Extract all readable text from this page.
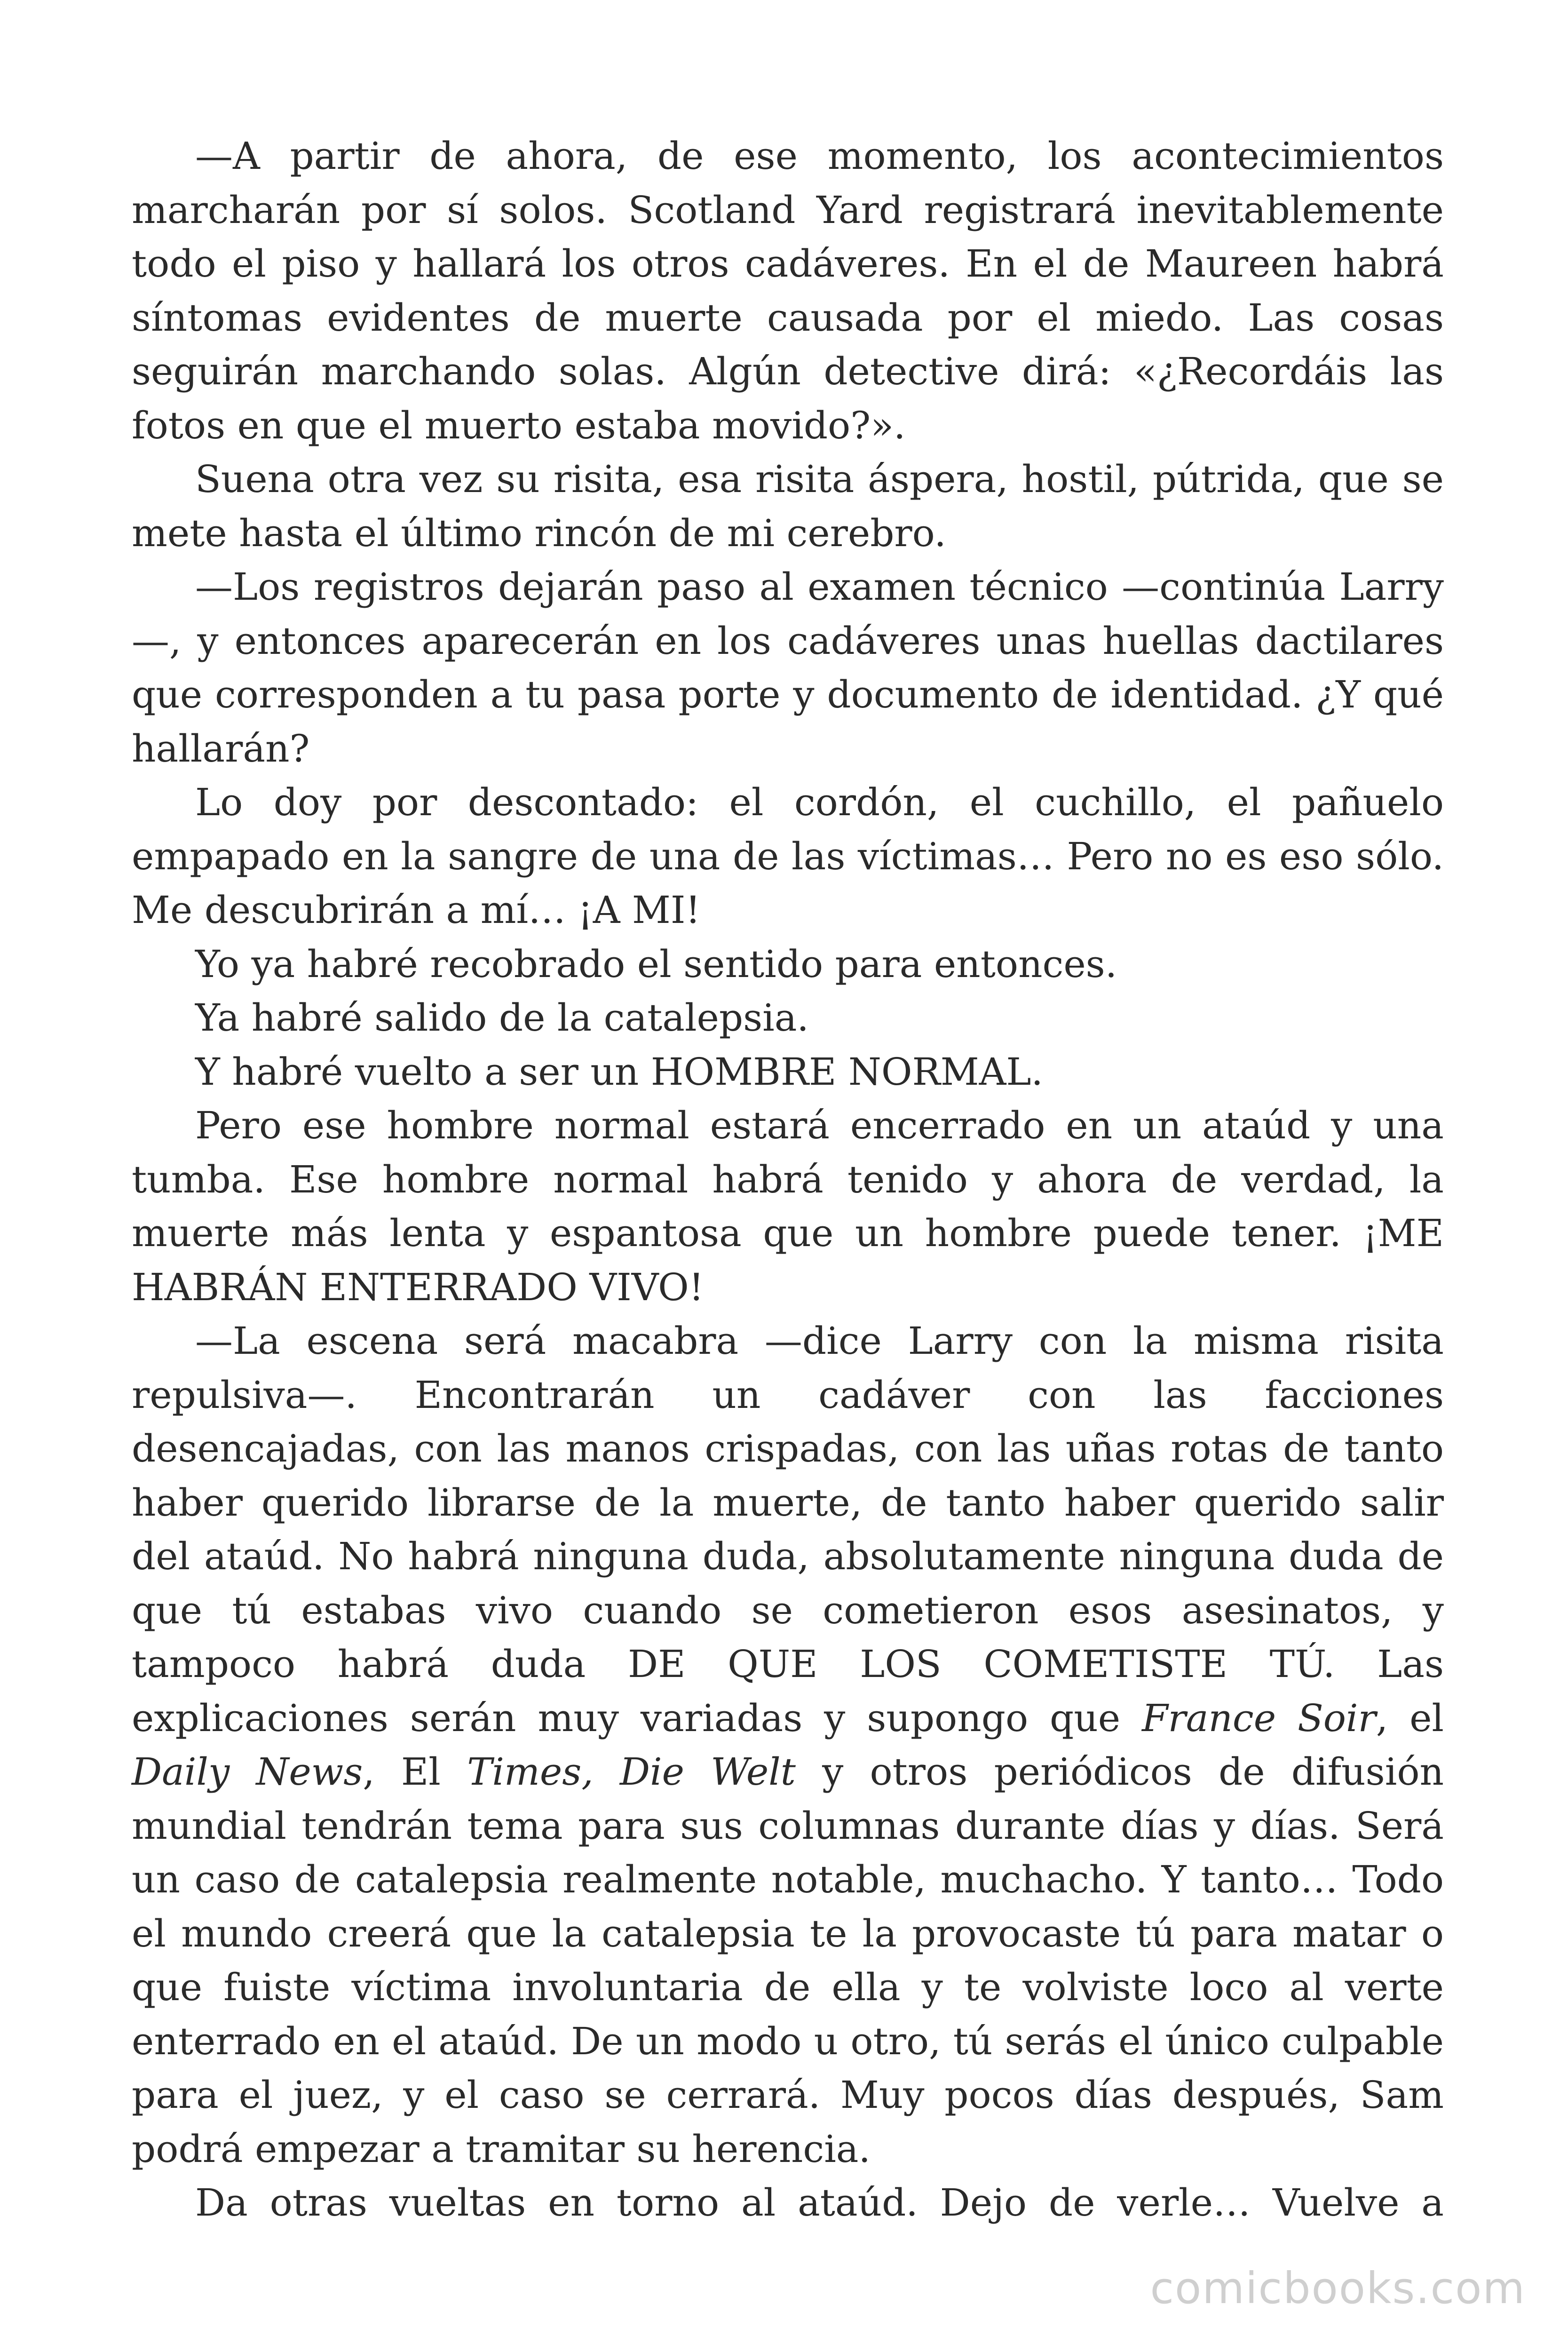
—A partir de ahora, de ese momento, los acontecimientos marcharán por sí solos. Scotland Yard registrará inevitablemente todo el piso y hallará los otros cadáveres. En el de Maureen habrá síntomas evidentes de muerte causada por el miedo. Las cosas seguirán marchando solas. Algún detective dirá: «¿Recordáis las fotos en que el muerto estaba movido?».

Suena otra vez su risita, esa risita áspera, hostil, pútrida, que se mete hasta el último rincón de mi cerebro.

—Los registros dejarán paso al examen técnico —continúa Larry —, y entonces aparecerán en los cadáveres unas huellas dactilares que corresponden a tu pasa porte y documento de identidad. ¿Y qué hallarán?

Lo doy por descontado: el cordón, el cuchillo, el pañuelo empapado en la sangre de una de las víctimas… Pero no es eso sólo. Me descubrirán a mí… ¡A MI!

Yo ya habré recobrado el sentido para entonces.

Ya habré salido de la catalepsia.

Y habré vuelto a ser un HOMBRE NORMAL.

Pero ese hombre normal estará encerrado en un ataúd y una tumba. Ese hombre normal habrá tenido y ahora de verdad, la muerte más lenta y espantosa que un hombre puede tener. ¡ME HABRÁN ENTERRADO VIVO!

—La escena será macabra —dice Larry con la misma risita repulsiva—. Encontrarán un cadáver con las facciones desencajadas, con las manos crispadas, con las uñas rotas de tanto haber querido librarse de la muerte, de tanto haber querido salir del ataúd. No habrá ninguna duda, absolutamente ninguna duda de que tú estabas vivo cuando se cometieron esos asesinatos, y tampoco habrá duda DE QUE LOS COMETISTE TÚ. Las explicaciones serán muy variadas y supongo que France Soir, el Daily News, El Times, Die Welt y otros periódicos de difusión mundial tendrán tema para sus columnas durante días y días. Será un caso de catalepsia realmente notable, muchacho. Y tanto… Todo el mundo creerá que la catalepsia te la provocaste tú para matar o que fuiste víctima involuntaria de ella y te volviste loco al verte enterrado en el ataúd. De un modo u otro, tú serás el único culpable para el juez, y el caso se cerrará. Muy pocos días después, Sam podrá empezar a tramitar su herencia.

Da otras vueltas en torno al ataúd. Dejo de verle… Vuelve a

comicbooks.com
